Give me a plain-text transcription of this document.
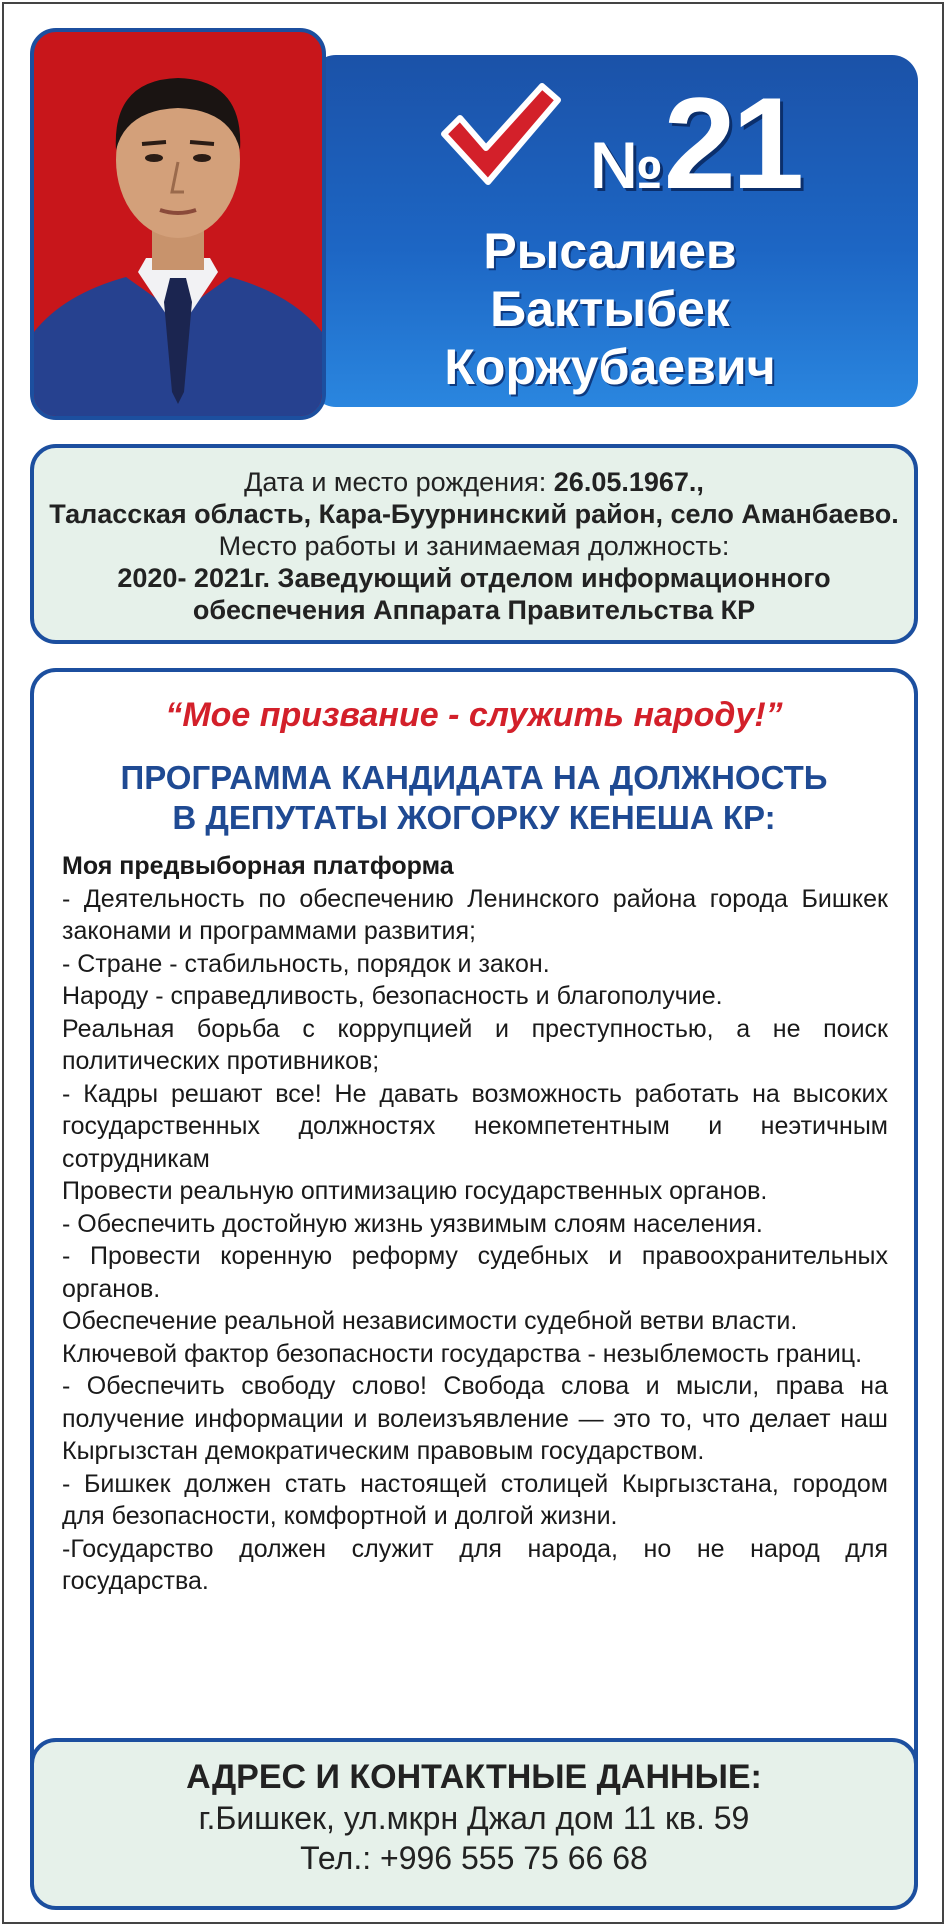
№21
Рысалиев
Бактыбек
Коржубаевич
Дата и место рождения: 26.05.1967.,
Таласская область, Кара-Буурнинский район, село Аманбаево.
Место работы и занимаемая должность:
2020- 2021г. Заведующий отделом информационного
обеспечения Аппарата Правительства КР
“Мое призвание - служить народу!”
ПРОГРАММА КАНДИДАТА НА ДОЛЖНОСТЬ
В ДЕПУТАТЫ ЖОГОРКУ КЕНЕША КР:
Моя предвыборная платформа
- Деятельность по обеспечению Ленинского района города Бишкек законами и программами развития;
- Стране - стабильность, порядок и закон.
Народу - справедливость, безопасность и благополучие.
Реальная борьба с коррупцией и преступностью, а не поиск политических противников;
- Кадры решают все! Не давать возможность работать на высоких государственных должностях некомпетентным и неэтичным сотрудникам
Провести реальную оптимизацию государственных органов.
- Обеспечить достойную жизнь уязвимым слоям населения.
- Провести коренную реформу судебных и правоохранительных органов.
Обеспечение реальной независимости судебной ветви власти.
Ключевой фактор безопасности государства - незыблемость границ.
- Обеспечить свободу слово! Свобода слова и мысли, права на получение информации и волеизъявление — это то, что делает наш Кыргызстан демократическим правовым государством.
- Бишкек должен стать настоящей столицей Кыргызстана, городом для безопасности, комфортной и долгой жизни.
-Государство должен служит для народа, но не народ для государства.
АДРЕС И КОНТАКТНЫЕ ДАННЫЕ:
г.Бишкек, ул.мкрн Джал дом 11 кв. 59
Тел.: +996 555 75 66 68
